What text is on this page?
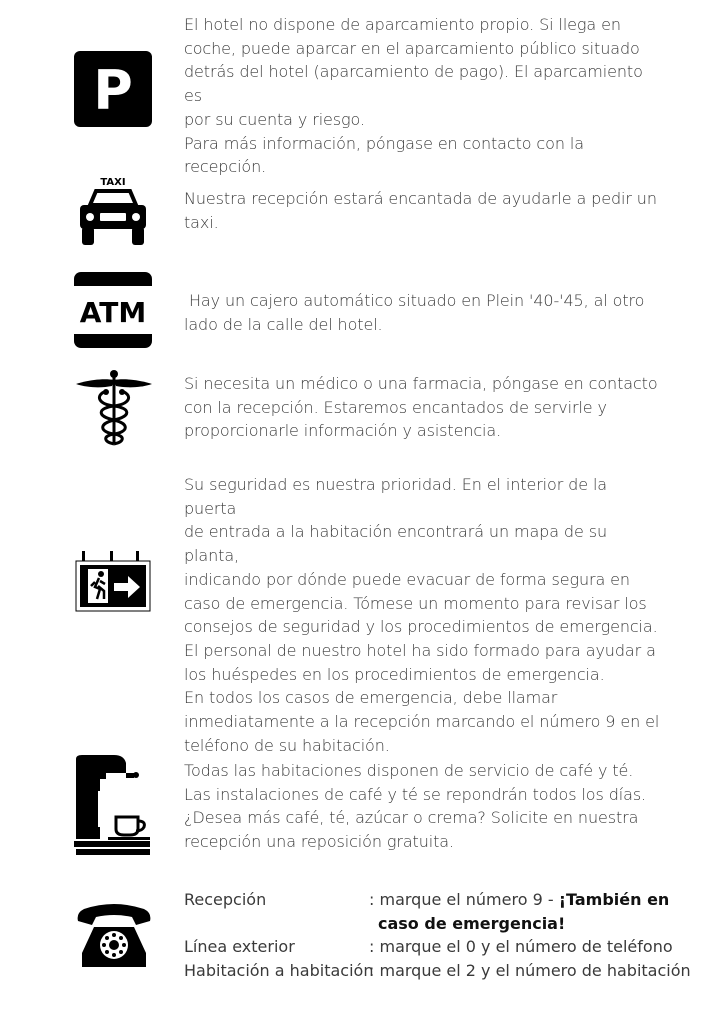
P

El hotel no dispone de aparcamiento propio. Si llega en

coche, puede aparcar en el aparcamiento público situado

detrás del hotel (aparcamiento de pago). El aparcamiento es

por su cuenta y riesgo.

Para más información, póngase en contacto con la

recepción.

TAXI

Nuestra recepción estará encantada de ayudarle a pedir un

taxi.

ATM Hay un cajero automático situado en Plein '40-'45, al otro

lado de la calle del hotel.

Si necesita un médico o una farmacia, póngase en contacto

con la recepción. Estaremos encantados de servirle y

proporcionarle información y asistencia.

Su seguridad es nuestra prioridad. En el interior de la puerta

de entrada a la habitación encontrará un mapa de su planta,

indicando por dónde puede evacuar de forma segura en

caso de emergencia. Tómese un momento para revisar los

consejos de seguridad y los procedimientos de emergencia.

El personal de nuestro hotel ha sido formado para ayudar a

los huéspedes en los procedimientos de emergencia.

En todos los casos de emergencia, debe llamar

inmediatamente a la recepción marcando el número 9 en el

teléfono de su habitación.

Todas las habitaciones disponen de servicio de café y té.

Las instalaciones de café y té se repondrán todos los días.

¿Desea más café, té, azúcar o crema? Solicite en nuestra

recepción una reposición gratuita.

Recepción	: marque el número 9 - ¡También en
caso de emergencia!
Línea exterior	: marque el 0 y el número de teléfono
Habitación a habitación
: marque el 2 y el número de habitación
